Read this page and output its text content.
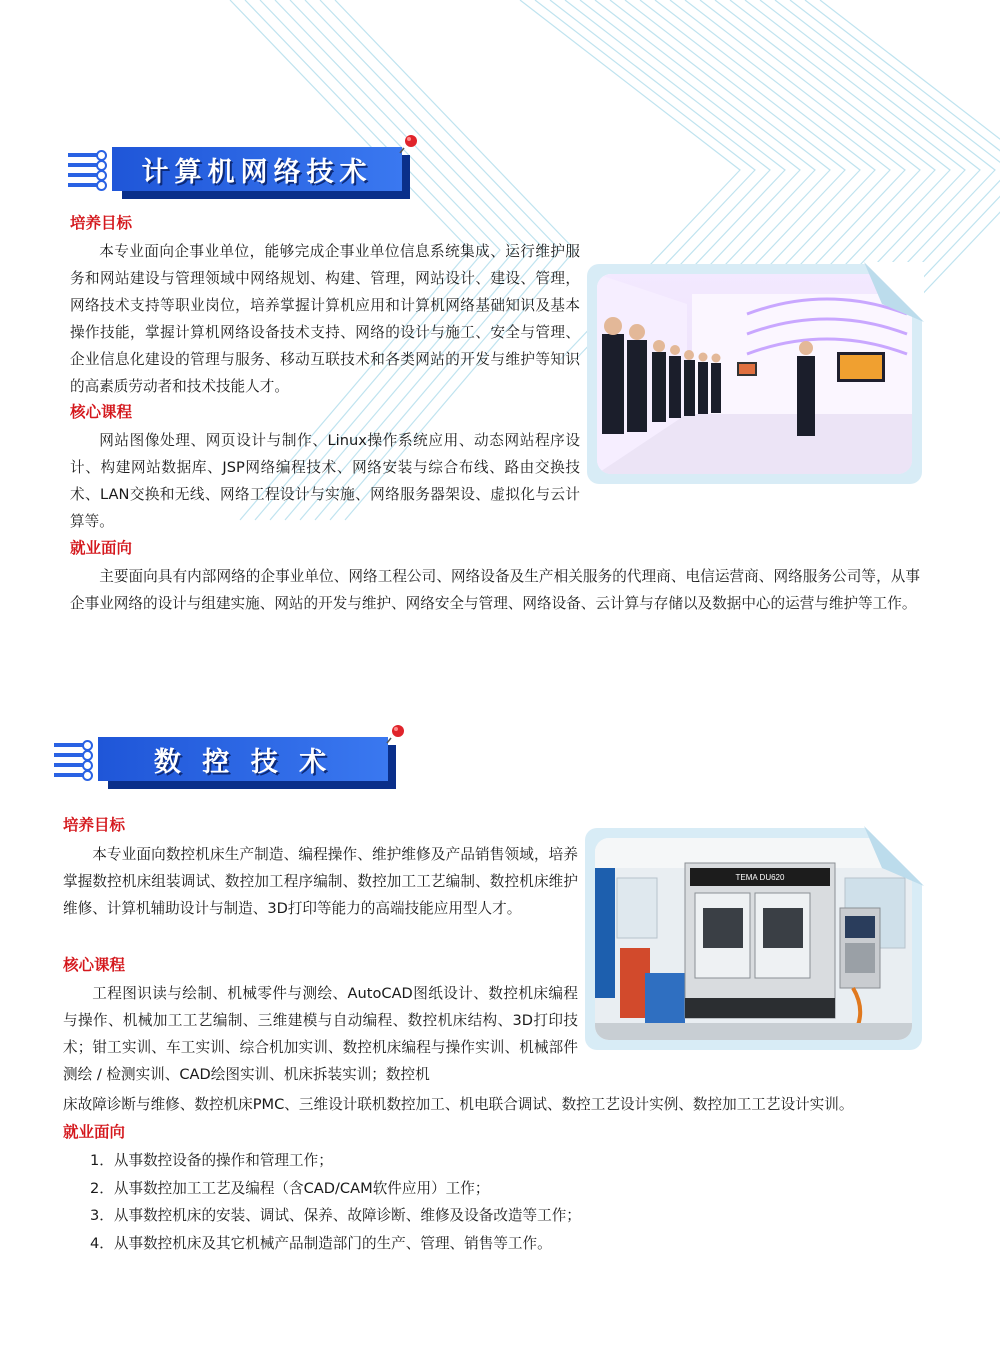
计算机网络技术

培养目标

本专业面向企事业单位，能够完成企事业单位信息系统集成、运行维护服务和网站建设与管理领域中网络规划、构建、管理，网站设计、建设、管理，网络技术支持等职业岗位，培养掌握计算机应用和计算机网络基础知识及基本操作技能，掌握计算机网络设备技术支持、网络的设计与施工、安全与管理、企业信息化建设的管理与服务、移动互联技术和各类网站的开发与维护等知识的高素质劳动者和技术技能人才。

核心课程

网站图像处理、网页设计与制作、Linux操作系统应用、动态网站程序设计、构建网站数据库、JSP网络编程技术、网络安装与综合布线、路由交换技术、LAN交换和无线、网络工程设计与实施、网络服务器架设、虚拟化与云计算等。

就业面向

主要面向具有内部网络的企事业单位、网络工程公司、网络设备及生产相关服务的代理商、电信运营商、网络服务公司等，从事企事业网络的设计与组建实施、网站的开发与维护、网络安全与管理、网络设备、云计算与存储以及数据中心的运营与维护等工作。

数 控 技 术

培养目标

本专业面向数控机床生产制造、编程操作、维护维修及产品销售领域，培养掌握数控机床组装调试、数控加工程序编制、数控加工工艺编制、数控机床维护维修、计算机辅助设计与制造、3D打印等能力的高端技能应用型人才。

核心课程

工程图识读与绘制、机械零件与测绘、AutoCAD图纸设计、数控机床编程与操作、机械加工工艺编制、三维建模与自动编程、数控机床结构、3D打印技术；钳工实训、车工实训、综合机加实训、数控机床编程与操作实训、机械部件测绘 / 检测实训、CAD绘图实训、机床拆装实训；数控机

床故障诊断与维修、数控机床PMC、三维设计联机数控加工、机电联合调试、数控工艺设计实例、数控加工工艺设计实训。

就业面向

1．从事数控设备的操作和管理工作；
2．从事数控加工工艺及编程（含CAD/CAM软件应用）工作；
3．从事数控机床的安装、调试、保养、故障诊断、维修及设备改造等工作；
4．从事数控机床及其它机械产品制造部门的生产、管理、销售等工作。
TEMA DU620
